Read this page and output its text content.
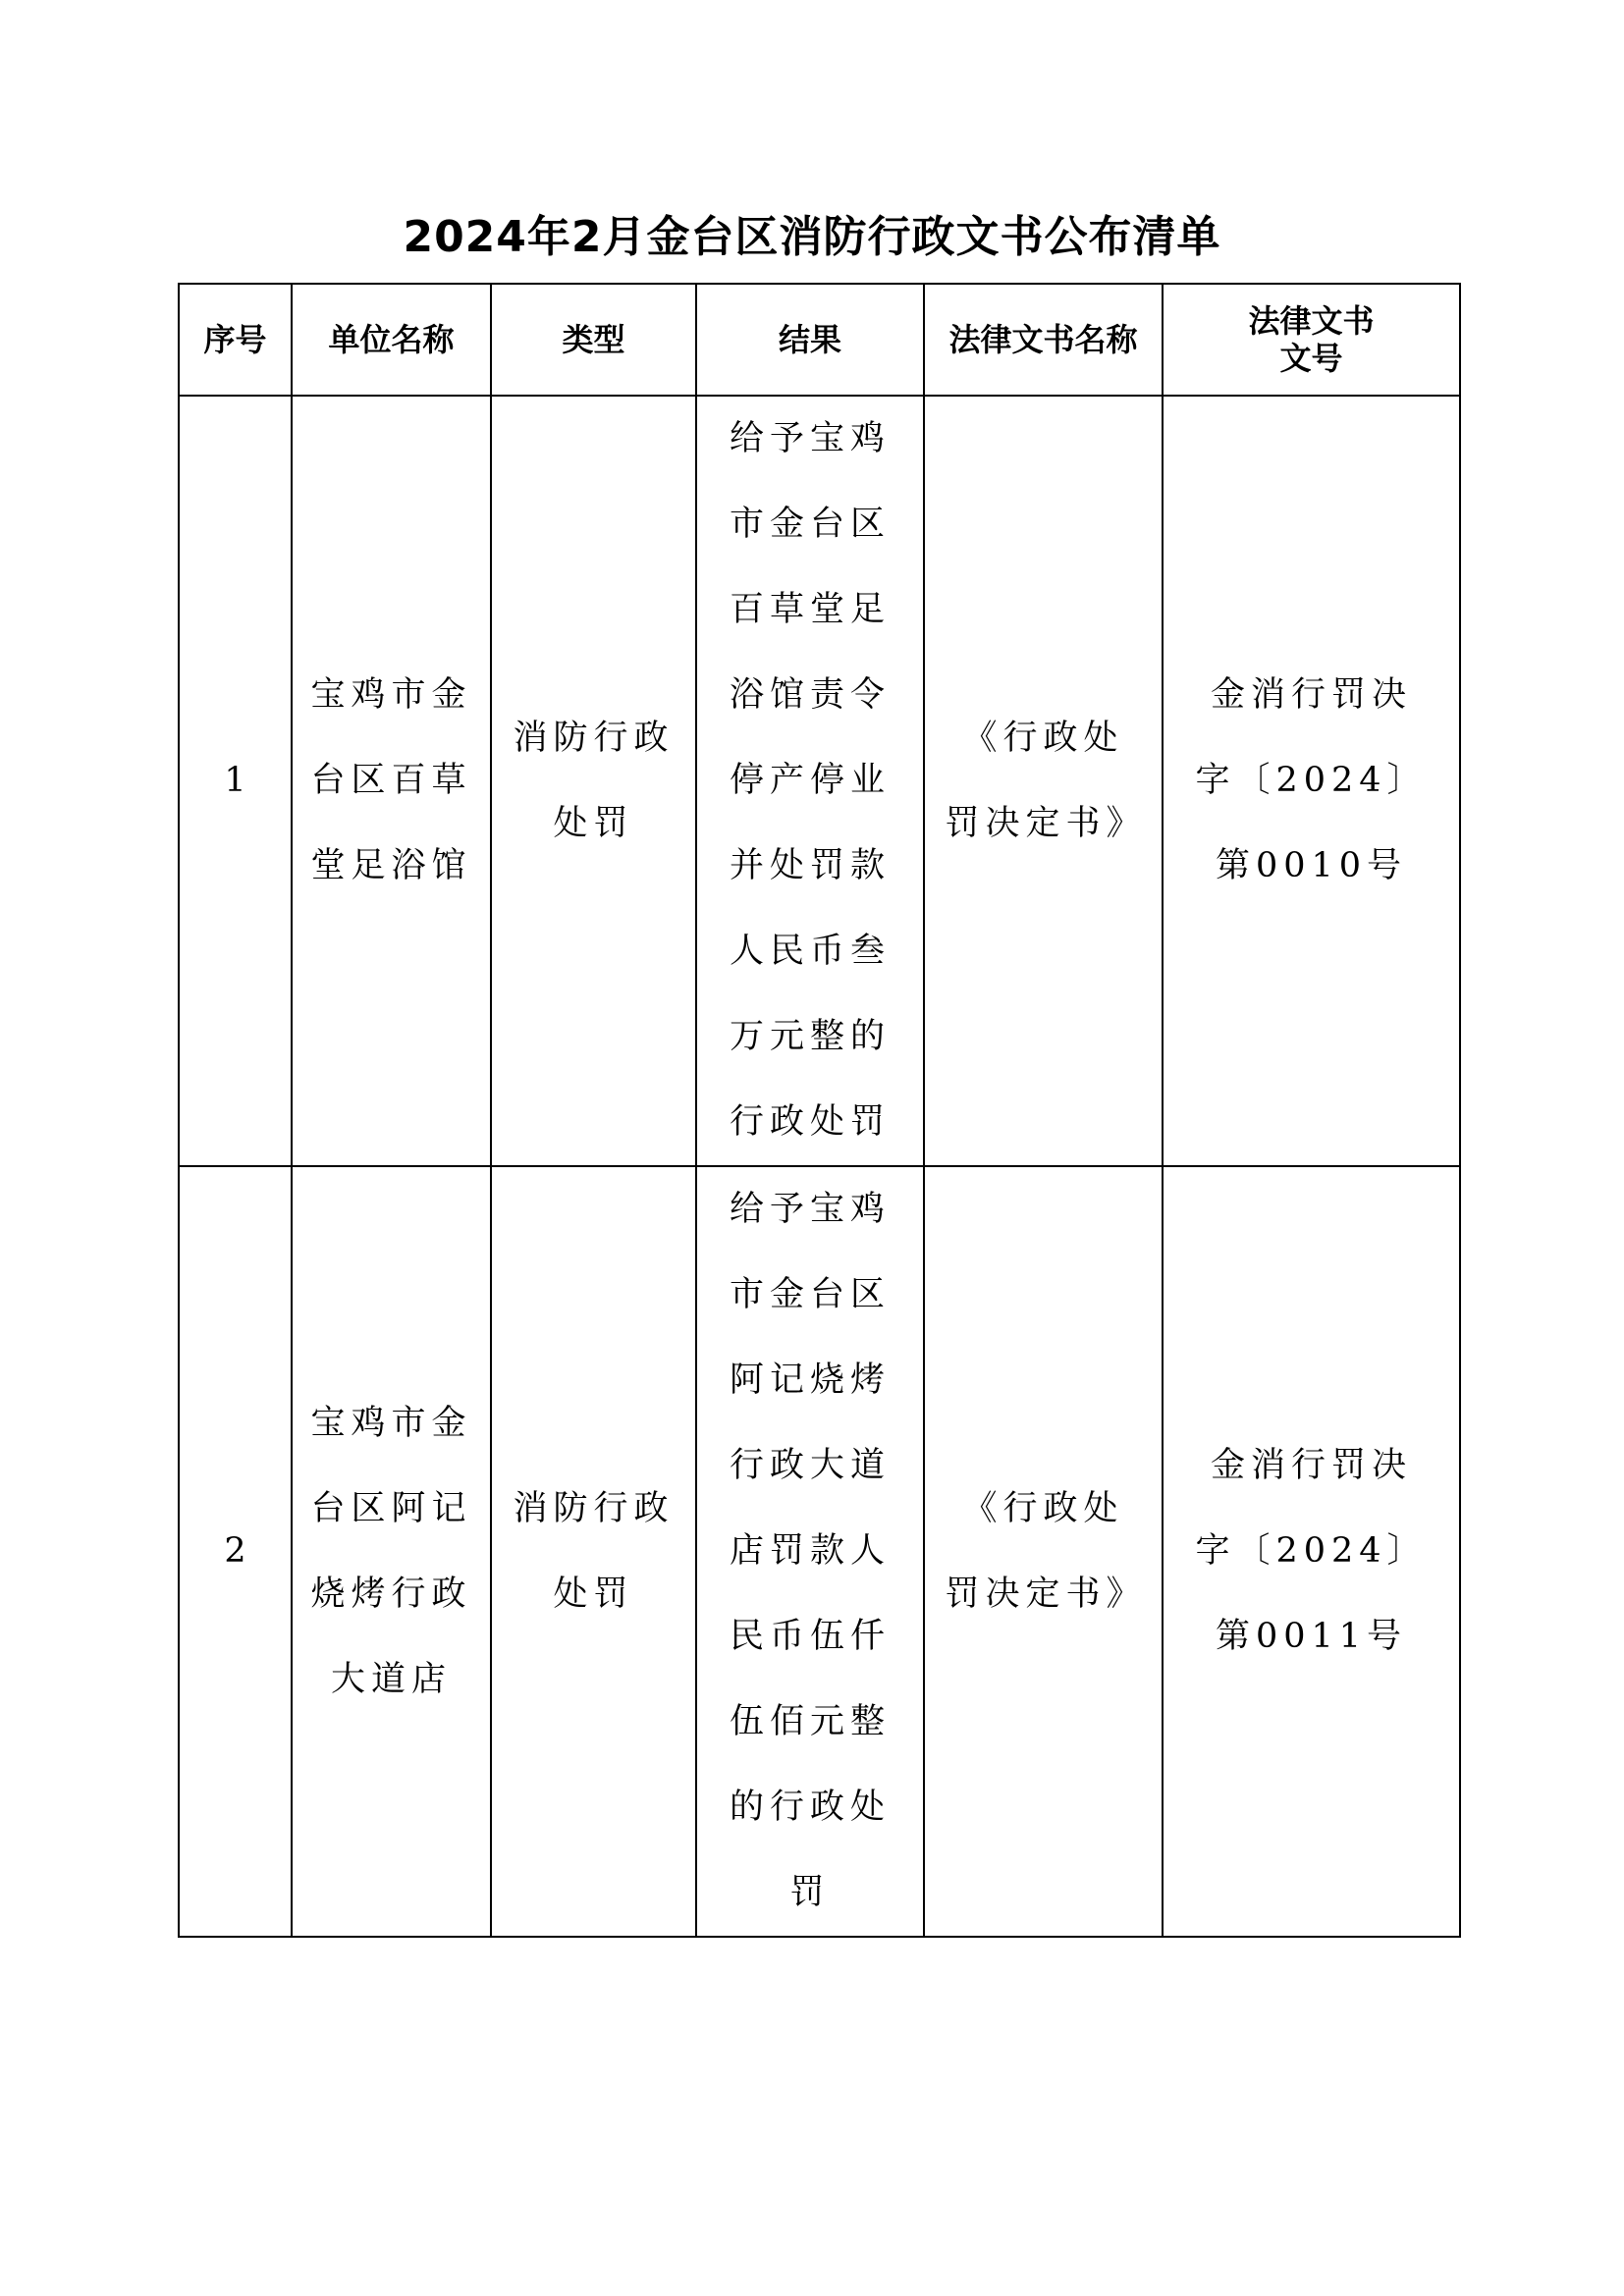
2024年2月金台区消防行政文书公布清单
序号	单位名称	类型	结果	法律文书名称	法律文书
文号
1	宝鸡市金台区百草堂足浴馆	消防行政处罚	给予宝鸡市金台区百草堂足浴馆责令停产停业并处罚款人民币叁万元整的行政处罚	《行政处罚决定书》	金消行罚决字〔2024〕第0010号
2	宝鸡市金台区阿记烧烤行政大道店	消防行政处罚	给予宝鸡市金台区阿记烧烤行政大道店罚款人民币伍仟伍佰元整的行政处罚	《行政处罚决定书》	金消行罚决字〔2024〕第0011号
